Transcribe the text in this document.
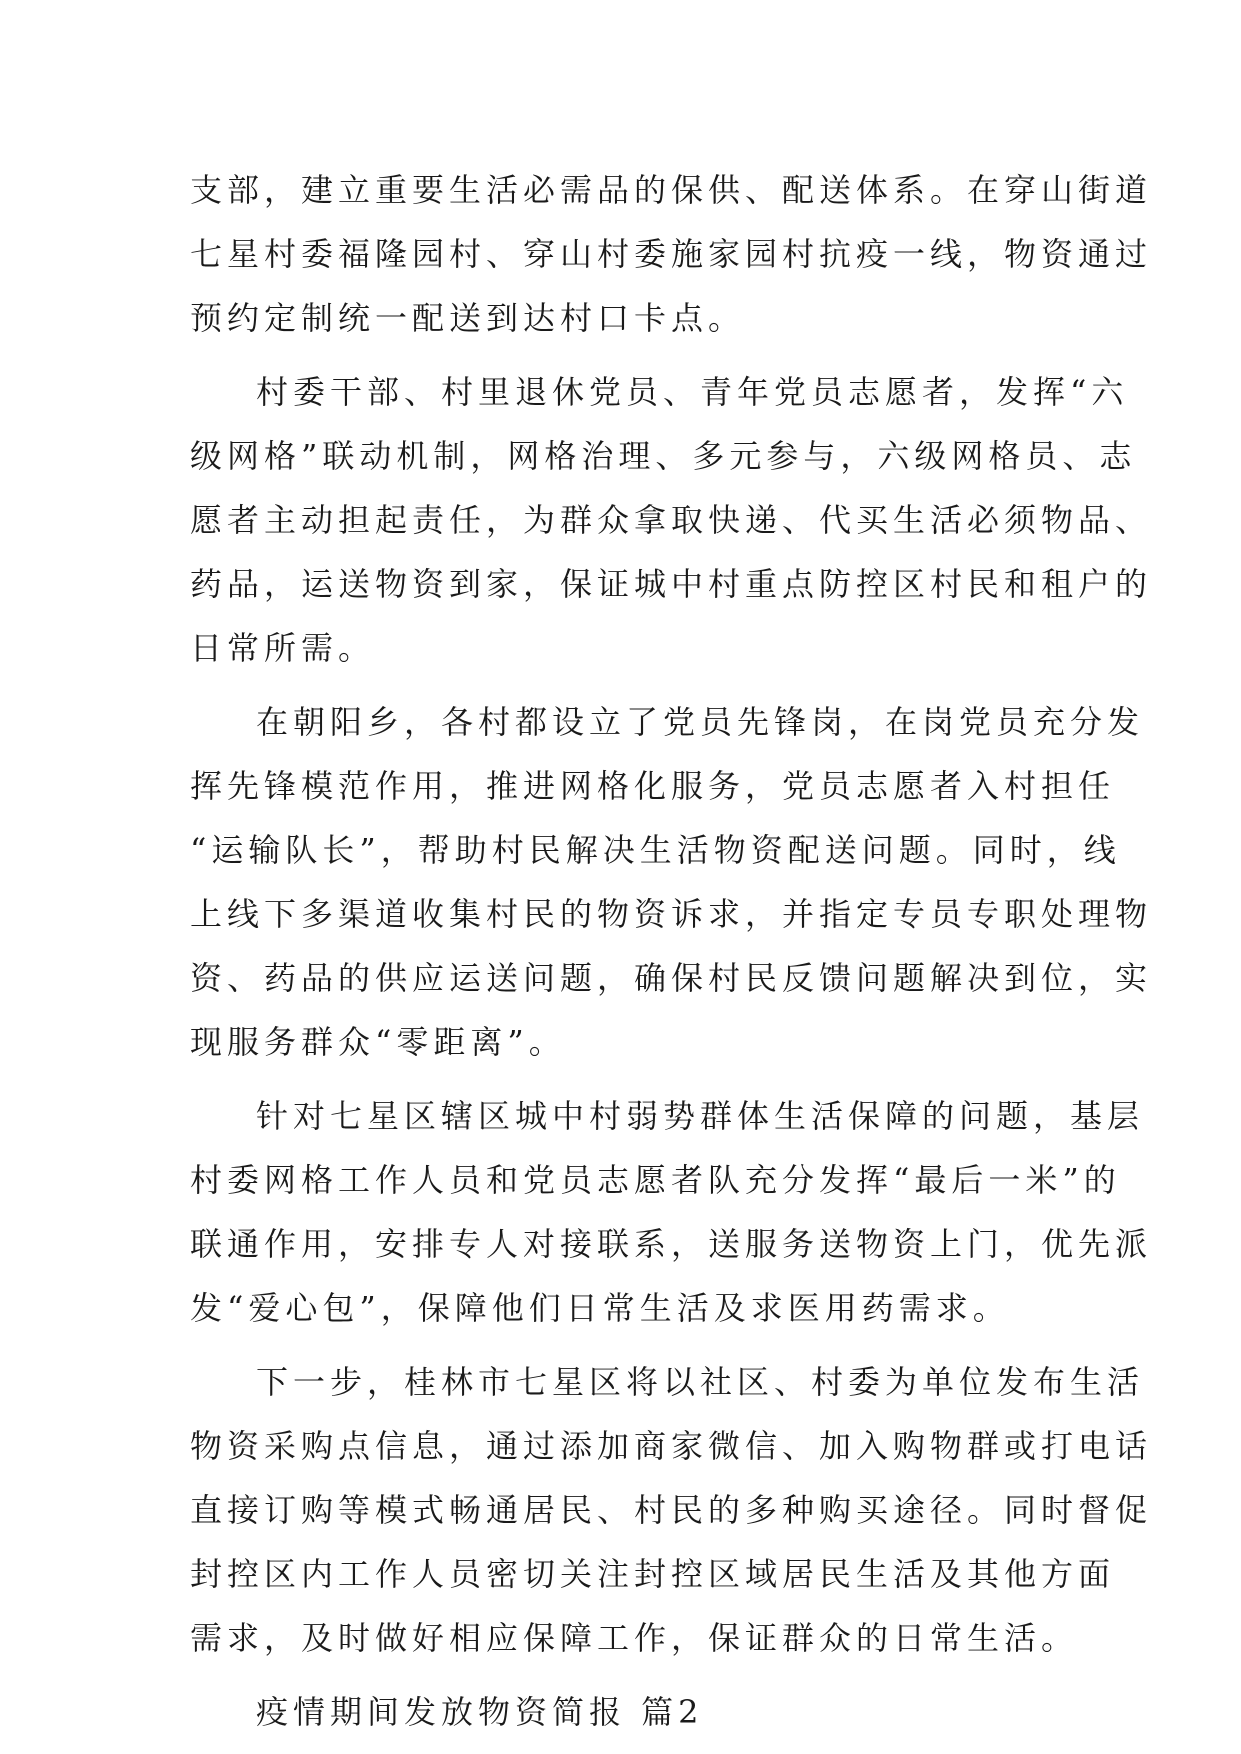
支部，建立重要生活必需品的保供、配送体系。在穿山街道
七星村委福隆园村、穿山村委施家园村抗疫一线，物资通过
预约定制统一配送到达村口卡点。
村委干部、村里退休党员、青年党员志愿者，发挥“六
级网格”联动机制，网格治理、多元参与，六级网格员、志
愿者主动担起责任，为群众拿取快递、代买生活必须物品、
药品，运送物资到家，保证城中村重点防控区村民和租户的
日常所需。
在朝阳乡，各村都设立了党员先锋岗，在岗党员充分发
挥先锋模范作用，推进网格化服务，党员志愿者入村担任
“运输队长”，帮助村民解决生活物资配送问题。同时，线
上线下多渠道收集村民的物资诉求，并指定专员专职处理物
资、药品的供应运送问题，确保村民反馈问题解决到位，实
现服务群众“零距离”。
针对七星区辖区城中村弱势群体生活保障的问题，基层
村委网格工作人员和党员志愿者队充分发挥“最后一米”的
联通作用，安排专人对接联系，送服务送物资上门，优先派
发“爱心包”，保障他们日常生活及求医用药需求。
下一步，桂林市七星区将以社区、村委为单位发布生活
物资采购点信息，通过添加商家微信、加入购物群或打电话
直接订购等模式畅通居民、村民的多种购买途径。同时督促
封控区内工作人员密切关注封控区域居民生活及其他方面
需求，及时做好相应保障工作，保证群众的日常生活。
疫情期间发放物资简报 篇2
